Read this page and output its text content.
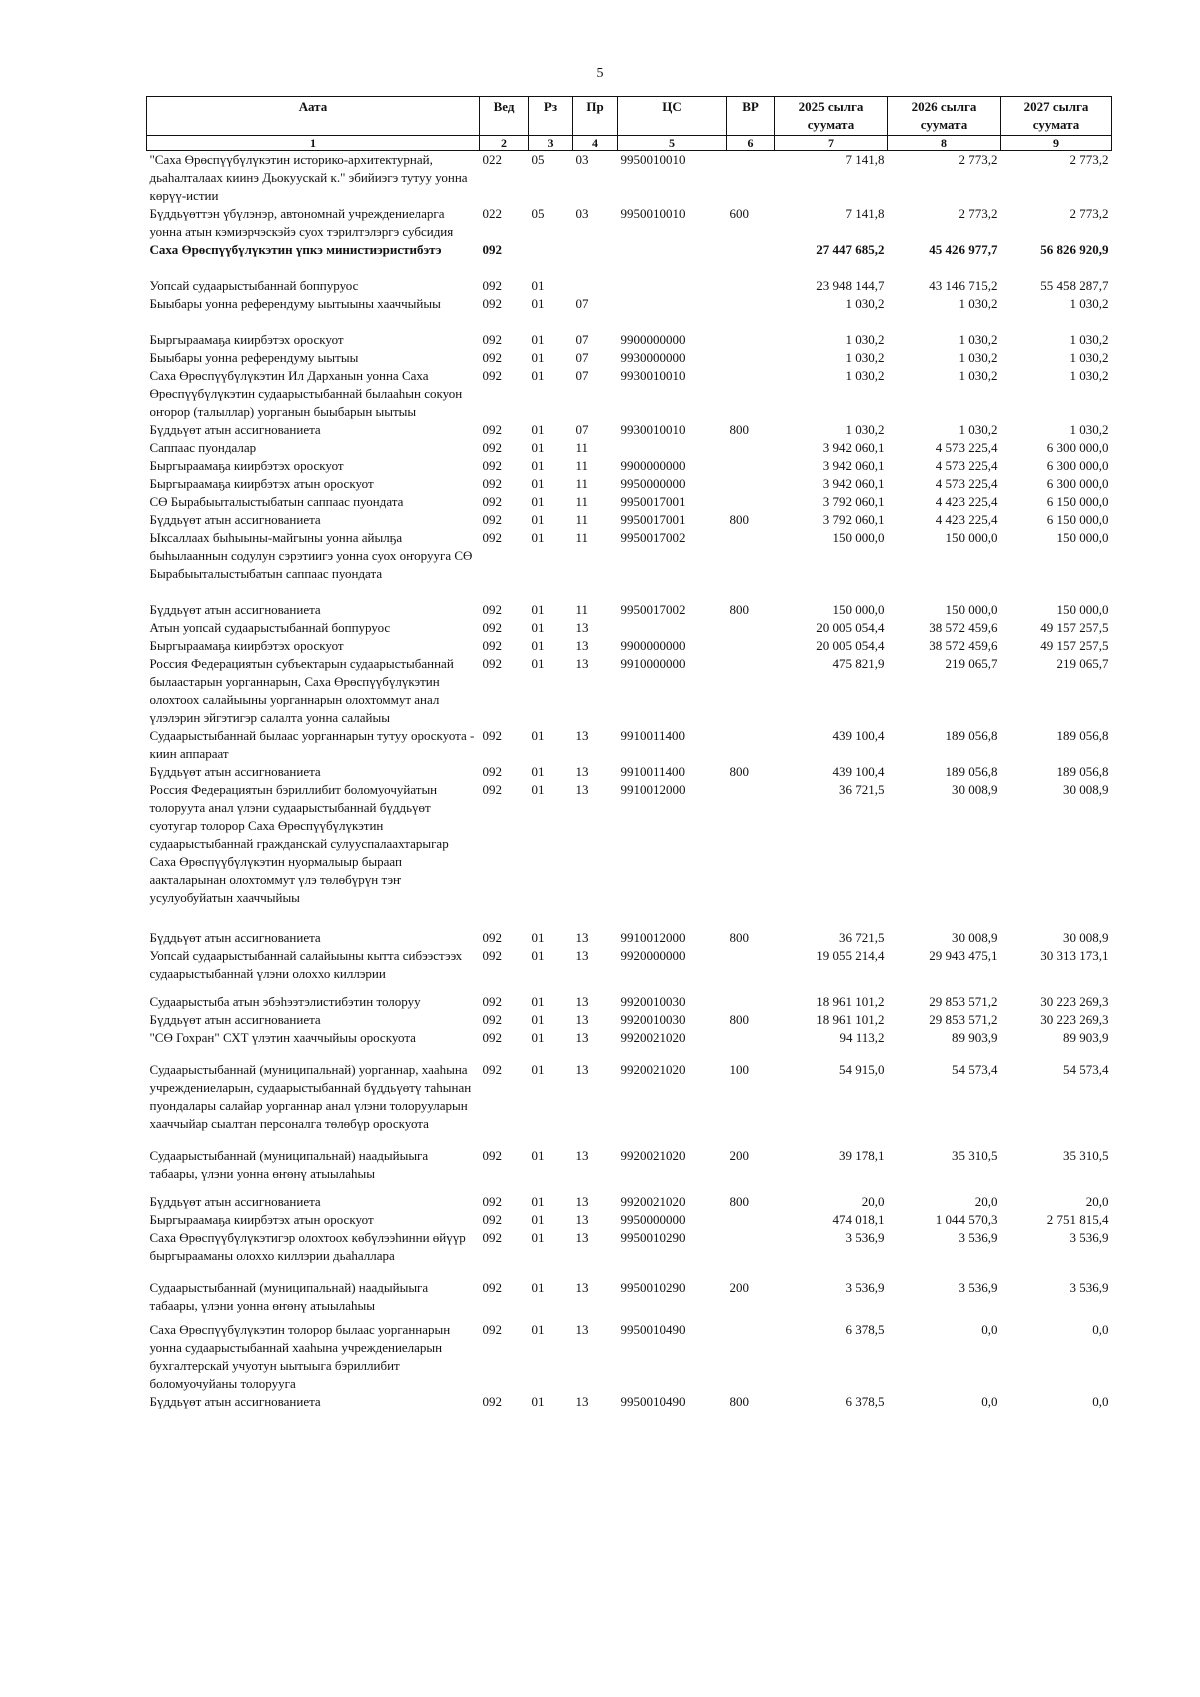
5
Аата	Вед	Рз	Пр	ЦС	ВР	2025 сылга суумата	2026 сылга суумата	2027 сылга суумата
1	2	3	4	5	6	7	8	9
"Саха Өрөспүүбүлүкэтин историко-архитектурнай, дьаһалталаах киинэ Дьокуускай к." эбийиэгэ тутуу уонна көрүү-истии	022	05	03	9950010010		7 141,8	2 773,2	2 773,2
Бүддьүөттэн үбүлэнэр, автономнай учреждениеларга уонна атын кэмиэрчэскэйэ суох тэрилтэлэргэ субсидия	022	05	03	9950010010	600	7 141,8	2 773,2	2 773,2
Саха Өрөспүүбүлүкэтин үпкэ министиэристибэтэ	092					27 447 685,2	45 426 977,7	56 826 920,9
Уопсай судаарыстыбаннай боппуруос	092	01				23 948 144,7	43 146 715,2	55 458 287,7
Быыбары уонна референдуму ыытыыны хааччыйыы	092	01	07			1 030,2	1 030,2	1 030,2
Быргыраамаҕа киирбэтэх ороскуот	092	01	07	9900000000		1 030,2	1 030,2	1 030,2
Быыбары уонна референдуму ыытыы	092	01	07	9930000000		1 030,2	1 030,2	1 030,2
Саха Өрөспүүбүлүкэтин Ил Дарханын уонна Саха Өрөспүүбүлүкэтин судаарыстыбаннай былааһын сокуон оҥорор (талыллар) уорганын быыбарын ыытыы	092	01	07	9930010010		1 030,2	1 030,2	1 030,2
Бүддьүөт атын ассигнованиета	092	01	07	9930010010	800	1 030,2	1 030,2	1 030,2
Саппаас пуондалар	092	01	11			3 942 060,1	4 573 225,4	6 300 000,0
Быргыраамаҕа киирбэтэх ороскуот	092	01	11	9900000000		3 942 060,1	4 573 225,4	6 300 000,0
Быргыраамаҕа киирбэтэх атын ороскуот	092	01	11	9950000000		3 942 060,1	4 573 225,4	6 300 000,0
СӨ Бырабыыталыстыбатын саппаас пуондата	092	01	11	9950017001		3 792 060,1	4 423 225,4	6 150 000,0
Бүддьүөт атын ассигнованиета	092	01	11	9950017001	800	3 792 060,1	4 423 225,4	6 150 000,0
Ыксаллаах быһыыны-майгыны уонна айылҕа быһылааннын содулун сэрэтиигэ уонна суох оҥорууга СӨ Бырабыыталыстыбатын саппаас пуондата	092	01	11	9950017002		150 000,0	150 000,0	150 000,0
Бүддьүөт атын ассигнованиета	092	01	11	9950017002	800	150 000,0	150 000,0	150 000,0
Атын уопсай судаарыстыбаннай боппуруос	092	01	13			20 005 054,4	38 572 459,6	49 157 257,5
Быргыраамаҕа киирбэтэх ороскуот	092	01	13	9900000000		20 005 054,4	38 572 459,6	49 157 257,5
Россия Федерациятын субъектарын судаарыстыбаннай былаастарын уорганнарын, Саха Өрөспүүбүлүкэтин олохтоох салайыыны уорганнарын олохтоммут анал үлэлэрин эйгэтигэр салалта уонна салайыы	092	01	13	9910000000		475 821,9	219 065,7	219 065,7
Судаарыстыбаннай былаас уорганнарын тутуу ороскуота - киин аппараат	092	01	13	9910011400		439 100,4	189 056,8	189 056,8
Бүддьүөт атын ассигнованиета	092	01	13	9910011400	800	439 100,4	189 056,8	189 056,8
Россия Федерациятын бэриллибит боломуочуйатын толоруута анал үлэни судаарыстыбаннай бүддьүөт суотугар толорор Саха Өрөспүүбүлүкэтин судаарыстыбаннай гражданскай сулууспалаахтарыгар Саха Өрөспүүбүлүкэтин нуормалыыр быраап аакталарынан олохтоммут үлэ төлөбүрүн тэҥ усулуобуйатын хааччыйыы	092	01	13	9910012000		36 721,5	30 008,9	30 008,9
Бүддьүөт атын ассигнованиета	092	01	13	9910012000	800	36 721,5	30 008,9	30 008,9
Уопсай судаарыстыбаннай салайыыны кытта сибээстээх судаарыстыбаннай үлэни олоххо киллэрии	092	01	13	9920000000		19 055 214,4	29 943 475,1	30 313 173,1
Судаарыстыба атын эбэһээтэлистибэтин толоруу	092	01	13	9920010030		18 961 101,2	29 853 571,2	30 223 269,3
Бүддьүөт атын ассигнованиета	092	01	13	9920010030	800	18 961 101,2	29 853 571,2	30 223 269,3
"СӨ Гохран" СХТ үлэтин хааччыйыы ороскуота	092	01	13	9920021020		94 113,2	89 903,9	89 903,9
Судаарыстыбаннай (муниципальнай) уорганнар, хааһына учреждениеларын, судаарыстыбаннай бүддьүөтү таһынан пуондалары салайар уорганнар анал үлэни толорууларын хааччыйар сыалтан персоналга төлөбүр ороскуота	092	01	13	9920021020	100	54 915,0	54 573,4	54 573,4
Судаарыстыбаннай (муниципальнай) наадыйыыга табаары, үлэни уонна өҥөнү атыылаһыы	092	01	13	9920021020	200	39 178,1	35 310,5	35 310,5
Бүддьүөт атын ассигнованиета	092	01	13	9920021020	800	20,0	20,0	20,0
Быргыраамаҕа киирбэтэх атын ороскуот	092	01	13	9950000000		474 018,1	1 044 570,3	2 751 815,4
Саха Өрөспүүбүлүкэтигэр олохтоох көбүлээһинни өйүүр быргырааманы олоххо киллэрии дьаһаллара	092	01	13	9950010290		3 536,9	3 536,9	3 536,9
Судаарыстыбаннай (муниципальнай) наадыйыыга табаары, үлэни уонна өҥөнү атыылаһыы	092	01	13	9950010290	200	3 536,9	3 536,9	3 536,9
Саха Өрөспүүбүлүкэтин толорор былаас уорганнарын уонна судаарыстыбаннай хааһына учреждениеларын бухгалтерскай учуотун ыытыыга бэриллибит боломуочуйаны толорууга	092	01	13	9950010490		6 378,5	0,0	0,0
Бүддьүөт атын ассигнованиета	092	01	13	9950010490	800	6 378,5	0,0	0,0
